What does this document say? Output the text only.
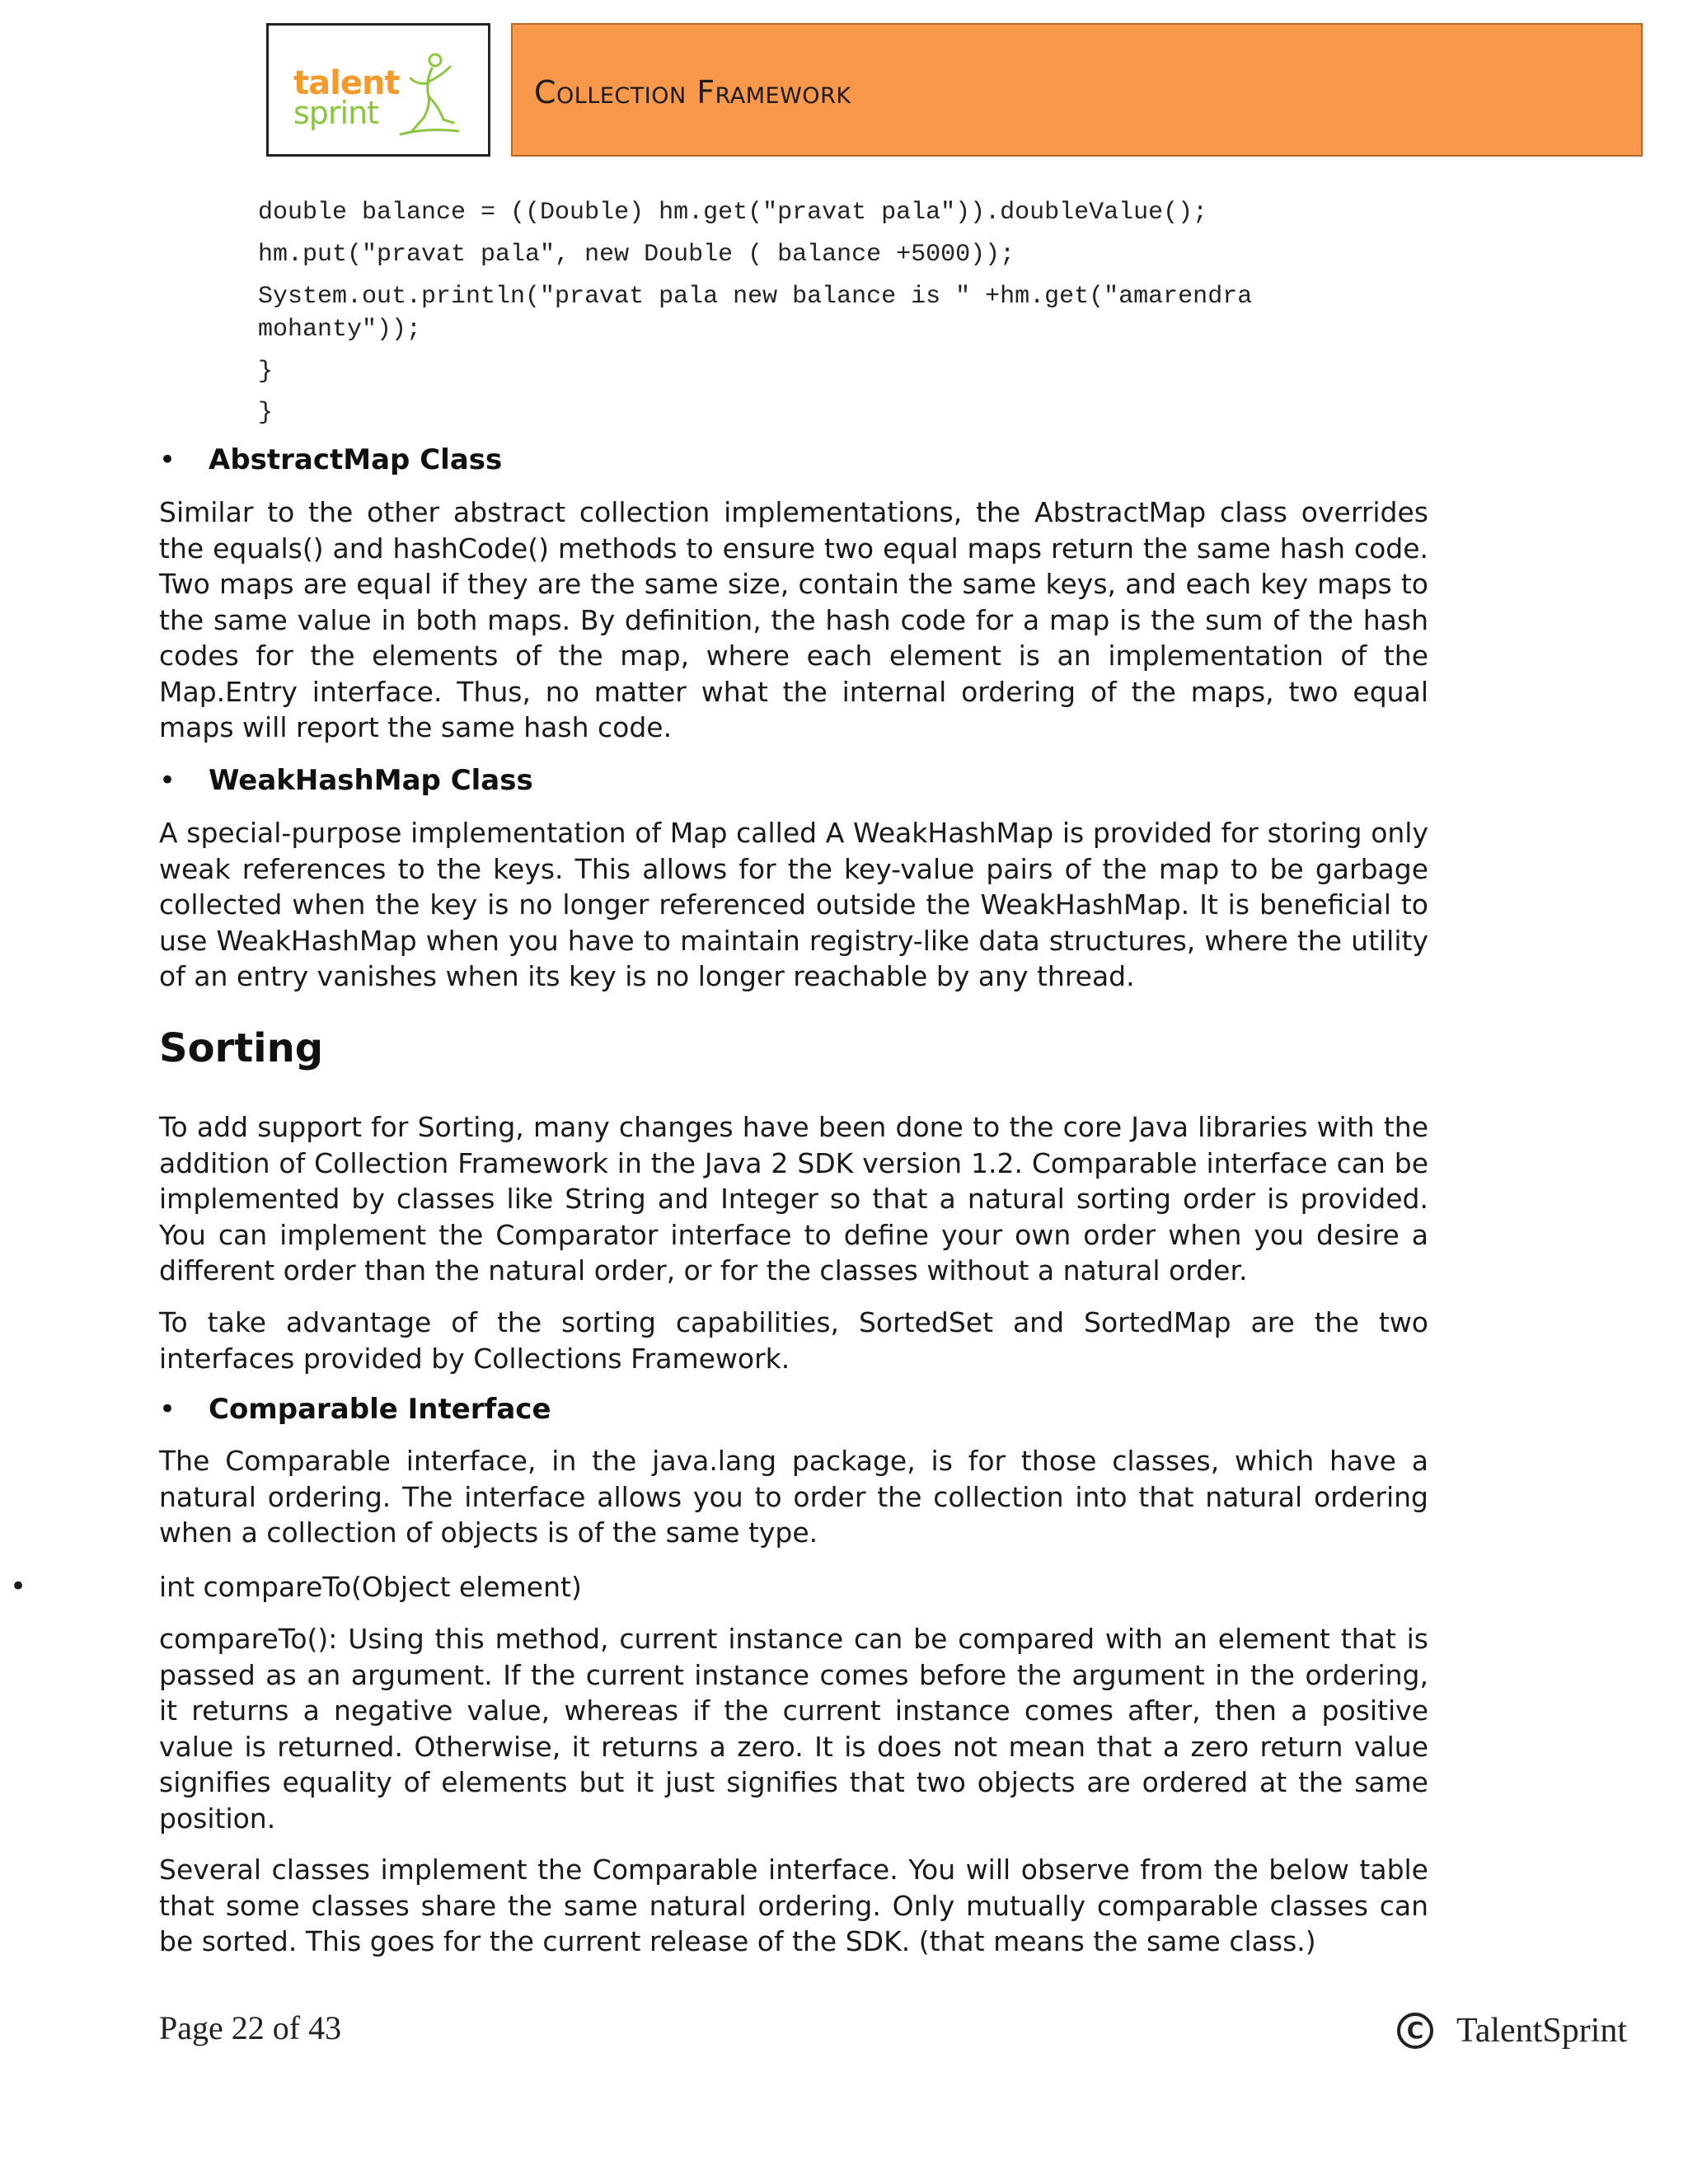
talent
sprint
Collection Framework
double balance = ((Double) hm.get("pravat pala")).doubleValue();
hm.put("pravat pala", new Double ( balance +5000));
System.out.println("pravat pala new balance is " +hm.get("amarendra
mohanty"));
}
}
• AbstractMap Class

Similar to the other abstract collection implementations, the AbstractMap class overrides the equals() and hashCode() methods to ensure two equal maps return the same hash code. Two maps are equal if they are the same size, contain the same keys, and each key maps to the same value in both maps. By definition, the hash code for a map is the sum of the hash codes for the elements of the map, where each element is an implementation of the Map.Entry interface. Thus, no matter what the internal ordering of the maps, two equal maps will report the same hash code.

• WeakHashMap Class

A special-purpose implementation of Map called A WeakHashMap is provided for storing only weak references to the keys. This allows for the key-value pairs of the map to be garbage collected when the key is no longer referenced outside the WeakHashMap. It is beneficial to use WeakHashMap when you have to maintain registry-like data structures, where the utility of an entry vanishes when its key is no longer reachable by any thread.

Sorting

To add support for Sorting, many changes have been done to the core Java libraries with the addition of Collection Framework in the Java 2 SDK version 1.2. Comparable interface can be implemented by classes like String and Integer so that a natural sorting order is provided. You can implement the Comparator interface to define your own order when you desire a different order than the natural order, or for the classes without a natural order.

To take advantage of the sorting capabilities, SortedSet and SortedMap are the two interfaces provided by Collections Framework.

• Comparable Interface

The Comparable interface, in the java.lang package, is for those classes, which have a natural ordering. The interface allows you to order the collection into that natural ordering when a collection of objects is of the same type.

•	int compareTo(Object element)

compareTo(): Using this method, current instance can be compared with an element that is passed as an argument. If the current instance comes before the argument in the ordering, it returns a negative value, whereas if the current instance comes after, then a positive value is returned. Otherwise, it returns a zero. It is does not mean that a zero return value signifies equality of elements but it just signifies that two objects are ordered at the same position.

Several classes implement the Comparable interface. You will observe from the below table that some classes share the same natural ordering. Only mutually comparable classes can be sorted. This goes for the current release of the SDK. (that means the same class.)

Page 22 of 43	C TalentSprint
